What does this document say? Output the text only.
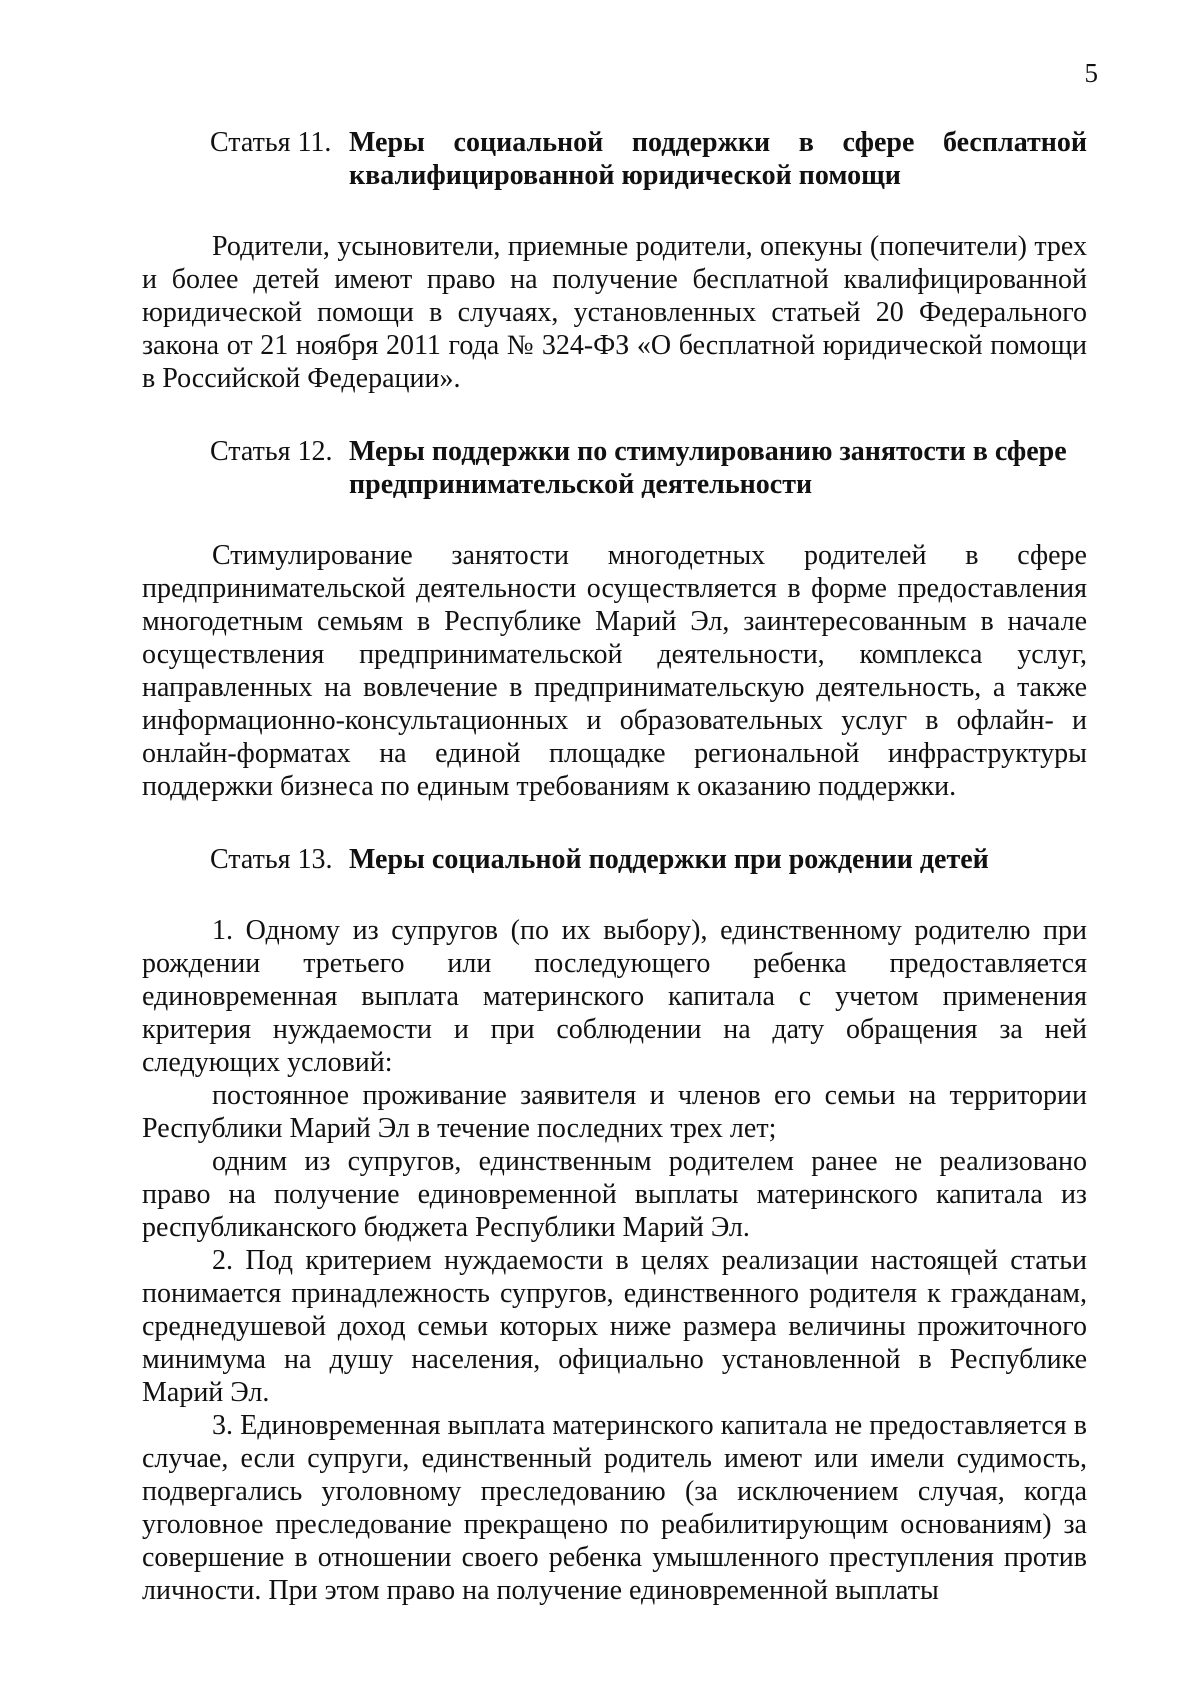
5
Статья 11. Меры социальной поддержки в сфере бесплатной квалифицированной юридической помощи

Родители, усыновители, приемные родители, опекуны (попечители) трех и более детей имеют право на получение бесплатной квалифицированной юридической помощи в случаях, установленных статьей 20 Федерального закона от 21 ноября 2011 года № 324-ФЗ «О бесплатной юридической помощи в Российской Федерации».

Статья 12. Меры поддержки по стимулированию занятости в сфере предпринимательской деятельности

Стимулирование занятости многодетных родителей в сфере предпринимательской деятельности осуществляется в форме предоставления многодетным семьям в Республике Марий Эл, заинтересованным в начале осуществления предпринимательской деятельности, комплекса услуг, направленных на вовлечение в предпринимательскую деятельность, а также информационно-консультационных и образовательных услуг в офлайн- и онлайн-форматах на единой площадке региональной инфраструктуры поддержки бизнеса по единым требованиям к оказанию поддержки.

Статья 13. Меры социальной поддержки при рождении детей

1. Одному из супругов (по их выбору), единственному родителю при рождении третьего или последующего ребенка предоставляется единовременная выплата материнского капитала с учетом применения критерия нуждаемости и при соблюдении на дату обращения за ней следующих условий:

постоянное проживание заявителя и членов его семьи на территории Республики Марий Эл в течение последних трех лет;

одним из супругов, единственным родителем ранее не реализовано право на получение единовременной выплаты материнского капитала из республиканского бюджета Республики Марий Эл.

2. Под критерием нуждаемости в целях реализации настоящей статьи понимается принадлежность супругов, единственного родителя к гражданам, среднедушевой доход семьи которых ниже размера величины прожиточного минимума на душу населения, официально установленной в Республике Марий Эл.

3. Единовременная выплата материнского капитала не предоставляется в случае, если супруги, единственный родитель имеют или имели судимость, подвергались уголовному преследованию (за исключением случая, когда уголовное преследование прекращено по реабилитирующим основаниям) за совершение в отношении своего ребенка умышленного преступления против личности. При этом право на получение единовременной выплаты
